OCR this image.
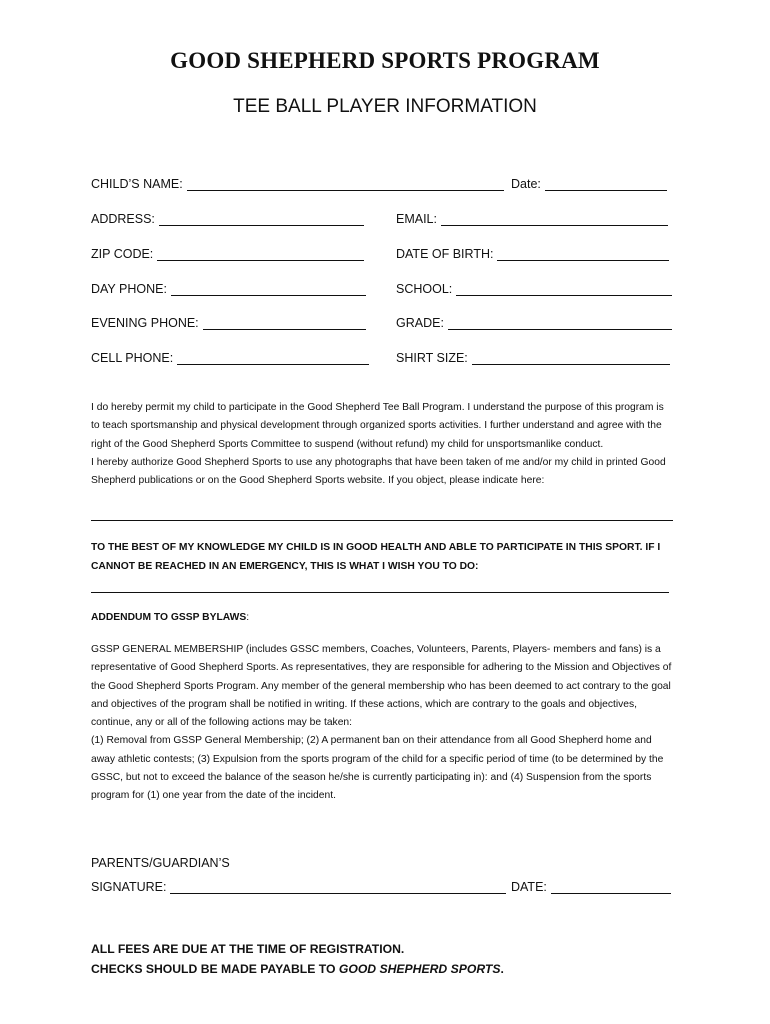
GOOD SHEPHERD SPORTS PROGRAM
TEE BALL PLAYER INFORMATION
CHILD’S NAME:	Date:
ADDRESS:	EMAIL:
ZIP CODE:	DATE OF BIRTH:
DAY PHONE:	SCHOOL:
EVENING PHONE:	GRADE:
CELL PHONE:	SHIRT SIZE:

I do hereby permit my child to participate in the Good Shepherd Tee Ball Program. I understand the purpose of this program is to teach sportsmanship and physical development through organized sports activities. I further understand and agree with the right of the Good Shepherd Sports Committee to suspend (without refund) my child for unsportsmanlike conduct.

I hereby authorize Good Shepherd Sports to use any photographs that have been taken of me and/or my child in printed Good Shepherd publications or on the Good Shepherd Sports website. If you object, please indicate here:

TO THE BEST OF MY KNOWLEDGE MY CHILD IS IN GOOD HEALTH AND ABLE TO PARTICIPATE IN THIS SPORT. IF I CANNOT BE REACHED IN AN EMERGENCY, THIS IS WHAT I WISH YOU TO DO:
ADDENDUM TO GSSP BYLAWS:

GSSP GENERAL MEMBERSHIP (includes GSSC members, Coaches, Volunteers, Parents, Players- members and fans) is a representative of Good Shepherd Sports. As representatives, they are responsible for adhering to the Mission and Objectives of the Good Shepherd Sports Program. Any member of the general membership who has been deemed to act contrary to the goal and objectives of the program shall be notified in writing. If these actions, which are contrary to the goals and objectives, continue, any or all of the following actions may be taken:

(1) Removal from GSSP General Membership; (2) A permanent ban on their attendance from all Good Shepherd home and away athletic contests; (3) Expulsion from the sports program of the child for a specific period of time (to be determined by the GSSC, but not to exceed the balance of the season he/she is currently participating in): and (4) Suspension from the sports program for (1) one year from the date of the incident.

PARENTS/GUARDIAN’S
SIGNATURE:	DATE:
ALL FEES ARE DUE AT THE TIME OF REGISTRATION.
CHECKS SHOULD BE MADE PAYABLE TO GOOD SHEPHERD SPORTS.
